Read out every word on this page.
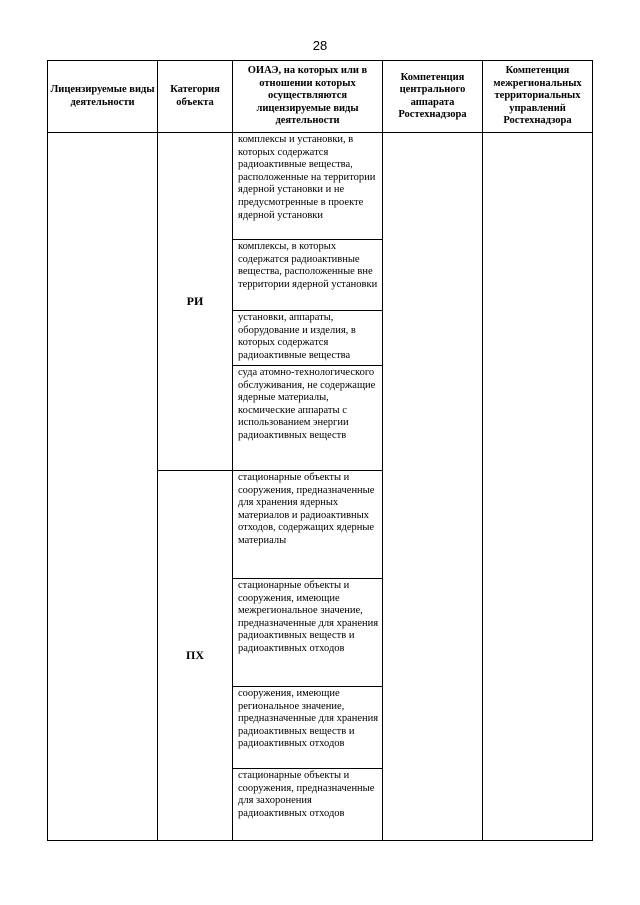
28
Лицензируемые виды деятельности	Категория объекта	ОИАЭ, на которых или в отношении которых осуществляются лицензируемые виды деятельности	Компетенция центрального аппарата Ростехнадзора	Компетенция межрегиональных территориальных управлений Ростехнадзора
	РИ	комплексы и установки, в которых содержатся радиоактивные вещества, расположенные на территории ядерной установки и не предусмотренные в проекте ядерной установки
комплексы, в которых содержатся радиоактивные вещества, расположенные вне территории ядерной установки
установки, аппараты, оборудование и изделия, в которых содержатся радиоактивные вещества
суда атомно-технологического обслуживания, не содержащие ядерные материалы, космические аппараты с использованием энергии радиоактивных веществ		

	ПХ	стационарные объекты и сооружения, предназначенные для хранения ядерных материалов и радиоактивных отходов, содержащих ядерные материалы
стационарные объекты и сооружения, имеющие межрегиональное значение, предназначенные для хранения радиоактивных веществ и радиоактивных отходов
сооружения, имеющие региональное значение, предназначенные для хранения радиоактивных веществ и радиоактивных отходов
стационарные объекты и сооружения, предназначенные для захоронения радиоактивных отходов		
